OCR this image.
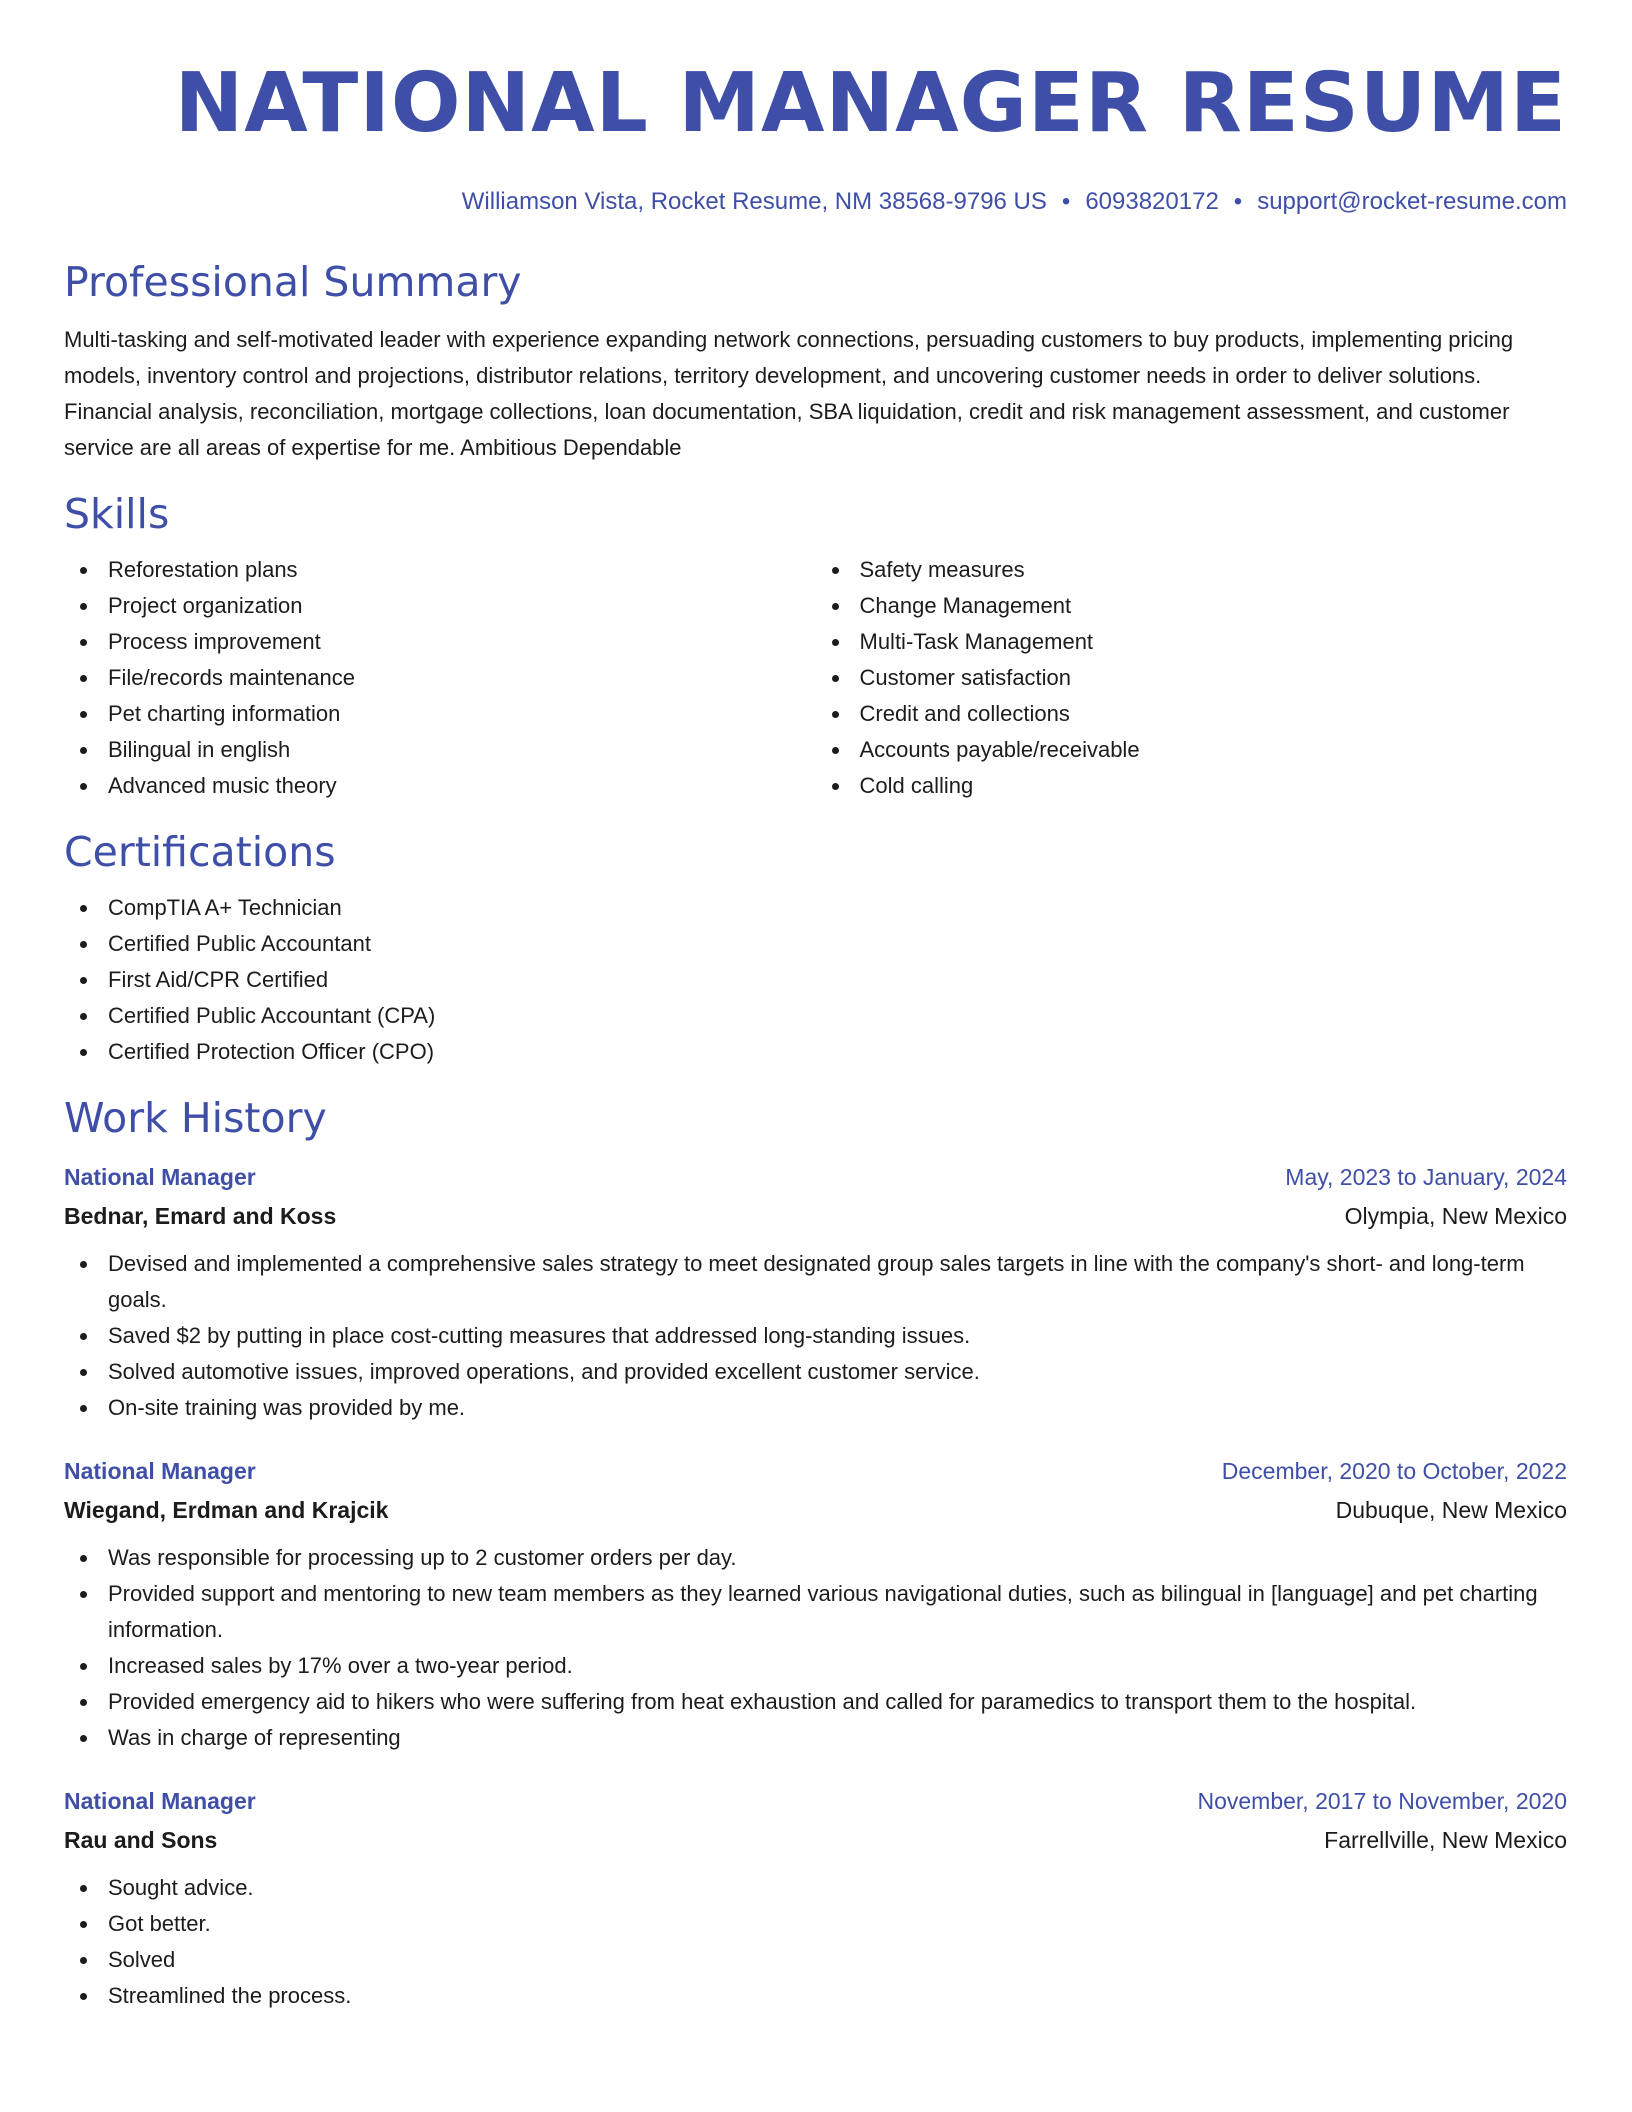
NATIONAL MANAGER RESUME
Williamson Vista, Rocket Resume, NM 38568-9796 US • 6093820172 • support@rocket-resume.com
Professional Summary

Multi-tasking and self-motivated leader with experience expanding network connections, persuading customers to buy products, implementing pricing models, inventory control and projections, distributor relations, territory development, and uncovering customer needs in order to deliver solutions. Financial analysis, reconciliation, mortgage collections, loan documentation, SBA liquidation, credit and risk management assessment, and customer service are all areas of expertise for me. Ambitious Dependable

Skills
Reforestation plans
Project organization
Process improvement
File/records maintenance
Pet charting information
Bilingual in english
Advanced music theory
Safety measures
Change Management
Multi-Task Management
Customer satisfaction
Credit and collections
Accounts payable/receivable
Cold calling
Certifications
CompTIA A+ Technician
Certified Public Accountant
First Aid/CPR Certified
Certified Public Accountant (CPA)
Certified Protection Officer (CPO)
Work History
National Manager	May, 2023 to January, 2024
Bednar, Emard and Koss	Olympia, New Mexico
Devised and implemented a comprehensive sales strategy to meet designated group sales targets in line with the company's short- and long-term goals.
Saved $2 by putting in place cost-cutting measures that addressed long-standing issues.
Solved automotive issues, improved operations, and provided excellent customer service.
On-site training was provided by me.
National Manager	December, 2020 to October, 2022
Wiegand, Erdman and Krajcik	Dubuque, New Mexico
Was responsible for processing up to 2 customer orders per day.
Provided support and mentoring to new team members as they learned various navigational duties, such as bilingual in [language] and pet charting information.
Increased sales by 17% over a two-year period.
Provided emergency aid to hikers who were suffering from heat exhaustion and called for paramedics to transport them to the hospital.
Was in charge of representing
National Manager	November, 2017 to November, 2020
Rau and Sons	Farrellville, New Mexico
Sought advice.
Got better.
Solved
Streamlined the process.
